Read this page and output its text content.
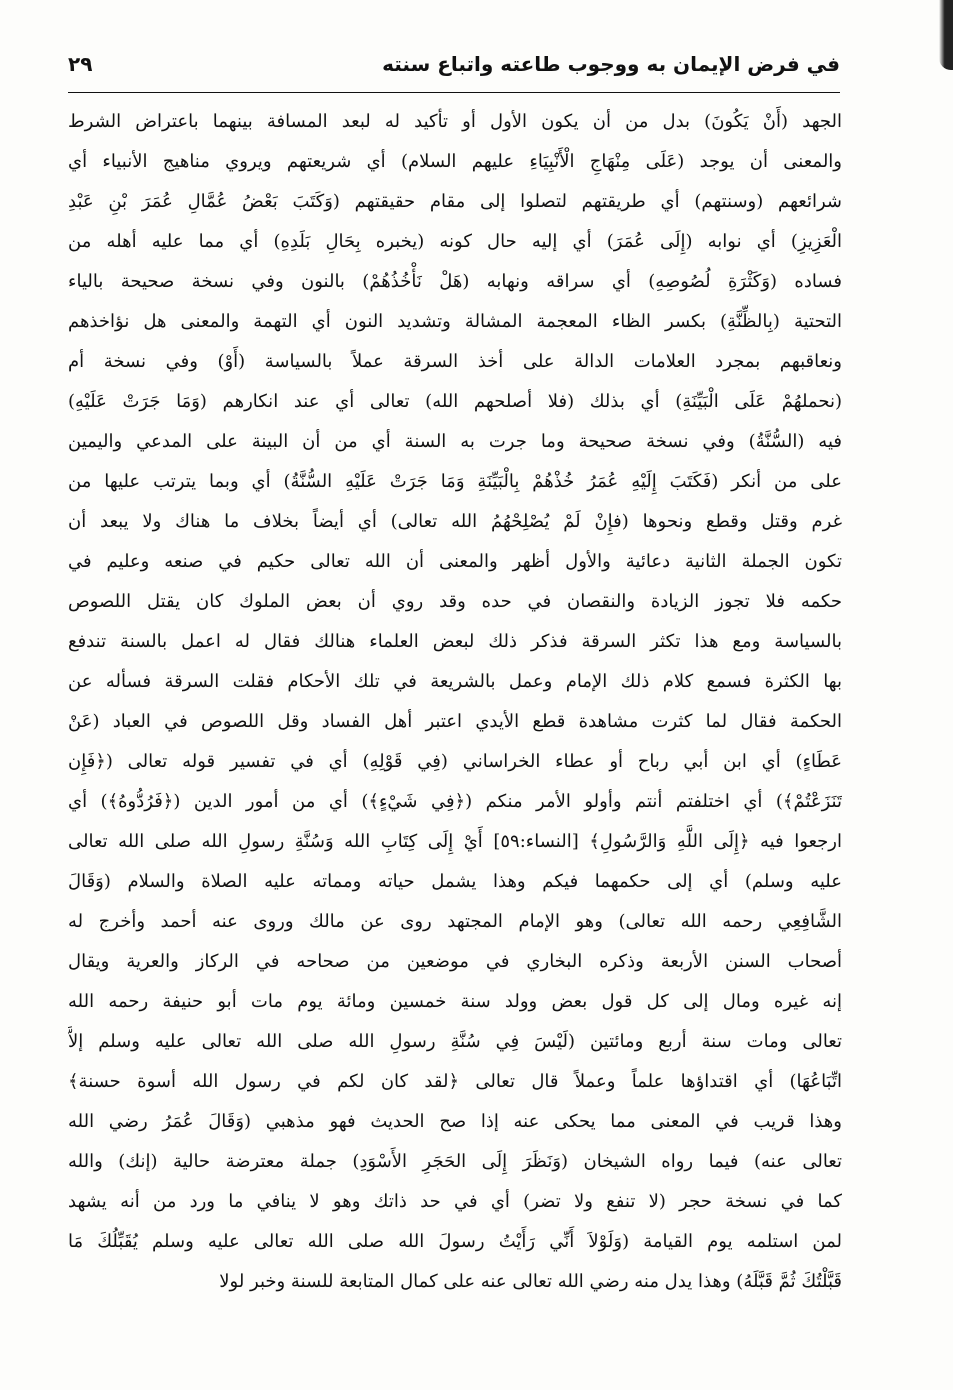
في فرض الإيمان به ووجوب طاعته واتباع سنته
٢٩
الجهد (أَنْ يَكُونَ) بدل من أن يكون الأول أو تأكيد له لبعد المسافة بينهما باعتراض الشرط
والمعنى أن يوجد (عَلَى مِنْهَاجِ الْأَنْبِيَاءِ عليهم السلام) أي شريعتهم ويروي مناهيج الأنبياء أي
شرائعهم (وسنتهم) أي طريقتهم لتصلوا إلى مقام حقيقتهم (وَكَتَبَ بَعْضُ عُمَّالِ عُمَرَ بْنِ عَبْدِ
الْعَزِيزِ) أي نوابه (إِلَى عُمَرَ) أي إليه حال كونه (يخبره بِحَالِ بَلَدِهِ) أي مما عليه أهله من
فساده (وَكَثْرَةِ لُصُوصِهِ) أي سراقه ونهابه (هَلْ نَأْخُذُهُمْ) بالنون وفي نسخة صحيحة بالياء
التحتية (بِالظِّنَّةِ) بكسر الظاء المعجمة المشالة وتشديد النون أي التهمة والمعنى هل نؤاخذهم
ونعاقبهم بمجرد العلامات الدالة على أخذ السرقة عملاً بالسياسة (أَوْ) وفي نسخة أم
(نحملهُمْ عَلَى الْبَيِّنَةِ) أي بذلك (فلا أصلحهم الله) تعالى أي عند انكارهم (وَمَا جَرَتْ عَلَيْهِ)
فيه (السُّنَّةُ) وفي نسخة صحيحة وما جرت به السنة أي من أن البينة على المدعي واليمين
على من أنكر (فَكَتَبَ إِلَيْهِ عُمَرُ خُذْهُمْ بِالْبَيِّنَةِ وَمَا جَرَتْ عَلَيْهِ السُّنَّةُ) أي وبما يترتب عليها من
غرم وقتل وقطع ونحوها (فإِنْ لَمْ يُصْلِحْهُمُ الله تعالى) أي أيضاً بخلاف ما هناك ولا يبعد أن
تكون الجملة الثانية دعائية والأول أظهر والمعنى أن الله تعالى حكيم في صنعه وعليم في
حكمه فلا تجوز الزيادة والنقصان في حده وقد روي أن بعض الملوك كان يقتل اللصوص
بالسياسة ومع هذا تكثر السرقة فذكر ذلك لبعض العلماء هنالك فقال له اعمل بالسنة تندفع
بها الكثرة فسمع كلام ذلك الإمام وعمل بالشريعة في تلك الأحكام فقلت السرقة فسأله عن
الحكمة فقال لما كثرت مشاهدة قطع الأيدي اعتبر أهل الفساد وقل اللصوص في العباد (عَنْ
عَطَاءٍ) أي ابن أبي رباح أو عطاء الخراساني (فِي قَوْلِهِ) أي في تفسير قوله تعالى (﴿فَإِن
تَنَزَعْتُمْ﴾) أي اختلفتم أنتم وأولو الأمر منكم (﴿فِي شَيْءٍ﴾) أي من أمور الدين (﴿فَرُدُّوهُ﴾) أي
ارجعوا فيه ﴿إِلَى اللَّهِ وَالرَّسُولِ﴾ [النساء:٥٩] أَيْ إِلَى كِتَابِ الله وَسُنَّةِ رسولِ الله صلى الله تعالى
عليه وسلم) أي إلى حكمهما فيكم وهذا يشمل حياته ومماته عليه الصلاة والسلام (وَقَالَ
الشَّافِعِي رحمه الله تعالى) وهو الإمام المجتهد روى عن مالك وروى عنه أحمد وأخرج له
أصحاب السنن الأربعة وذكره البخاري في موضعين من صحاحه في الركاز والعرية ويقال
إنه غيره ومال إلى كل قول بعض وولد سنة خمسين ومائة يوم مات أبو حنيفة رحمه الله
تعالى ومات سنة أربع ومائتين (لَيْسَ فِي سُنَّةِ رسولِ الله صلى الله تعالى عليه وسلم إلاَّ
اتِّبَاعُهَا) أي اقتداؤها علماً وعملاً قال تعالى ﴿لقد كان لكم في رسول الله أسوة حسنة﴾
وهذا قريب في المعنى مما يحكى عنه إذا صح الحديث فهو مذهبي (وَقَالَ عُمَرُ رضي الله
تعالى عنه) فيما رواه الشيخان (وَنَظَرَ إِلَى الحَجَرِ الأَسْوَدِ) جملة معترضة حالية (إنك) والله
كما في نسخة حجر (لا تنفع ولا تضر) أي في حد ذاتك وهو لا ينافي ما ورد من أنه يشهد
لمن استلمه يوم القيامة (وَلَوْلاَ أَنِّي رَأَيْتُ رسولَ الله صلى الله تعالى عليه وسلم يُقَبِّلُكَ مَا
قَبَّلْتُكَ ثُمَّ قَبَّلَهُ) وهذا يدل منه رضي الله تعالى عنه على كمال المتابعة للسنة وخبر لولا
